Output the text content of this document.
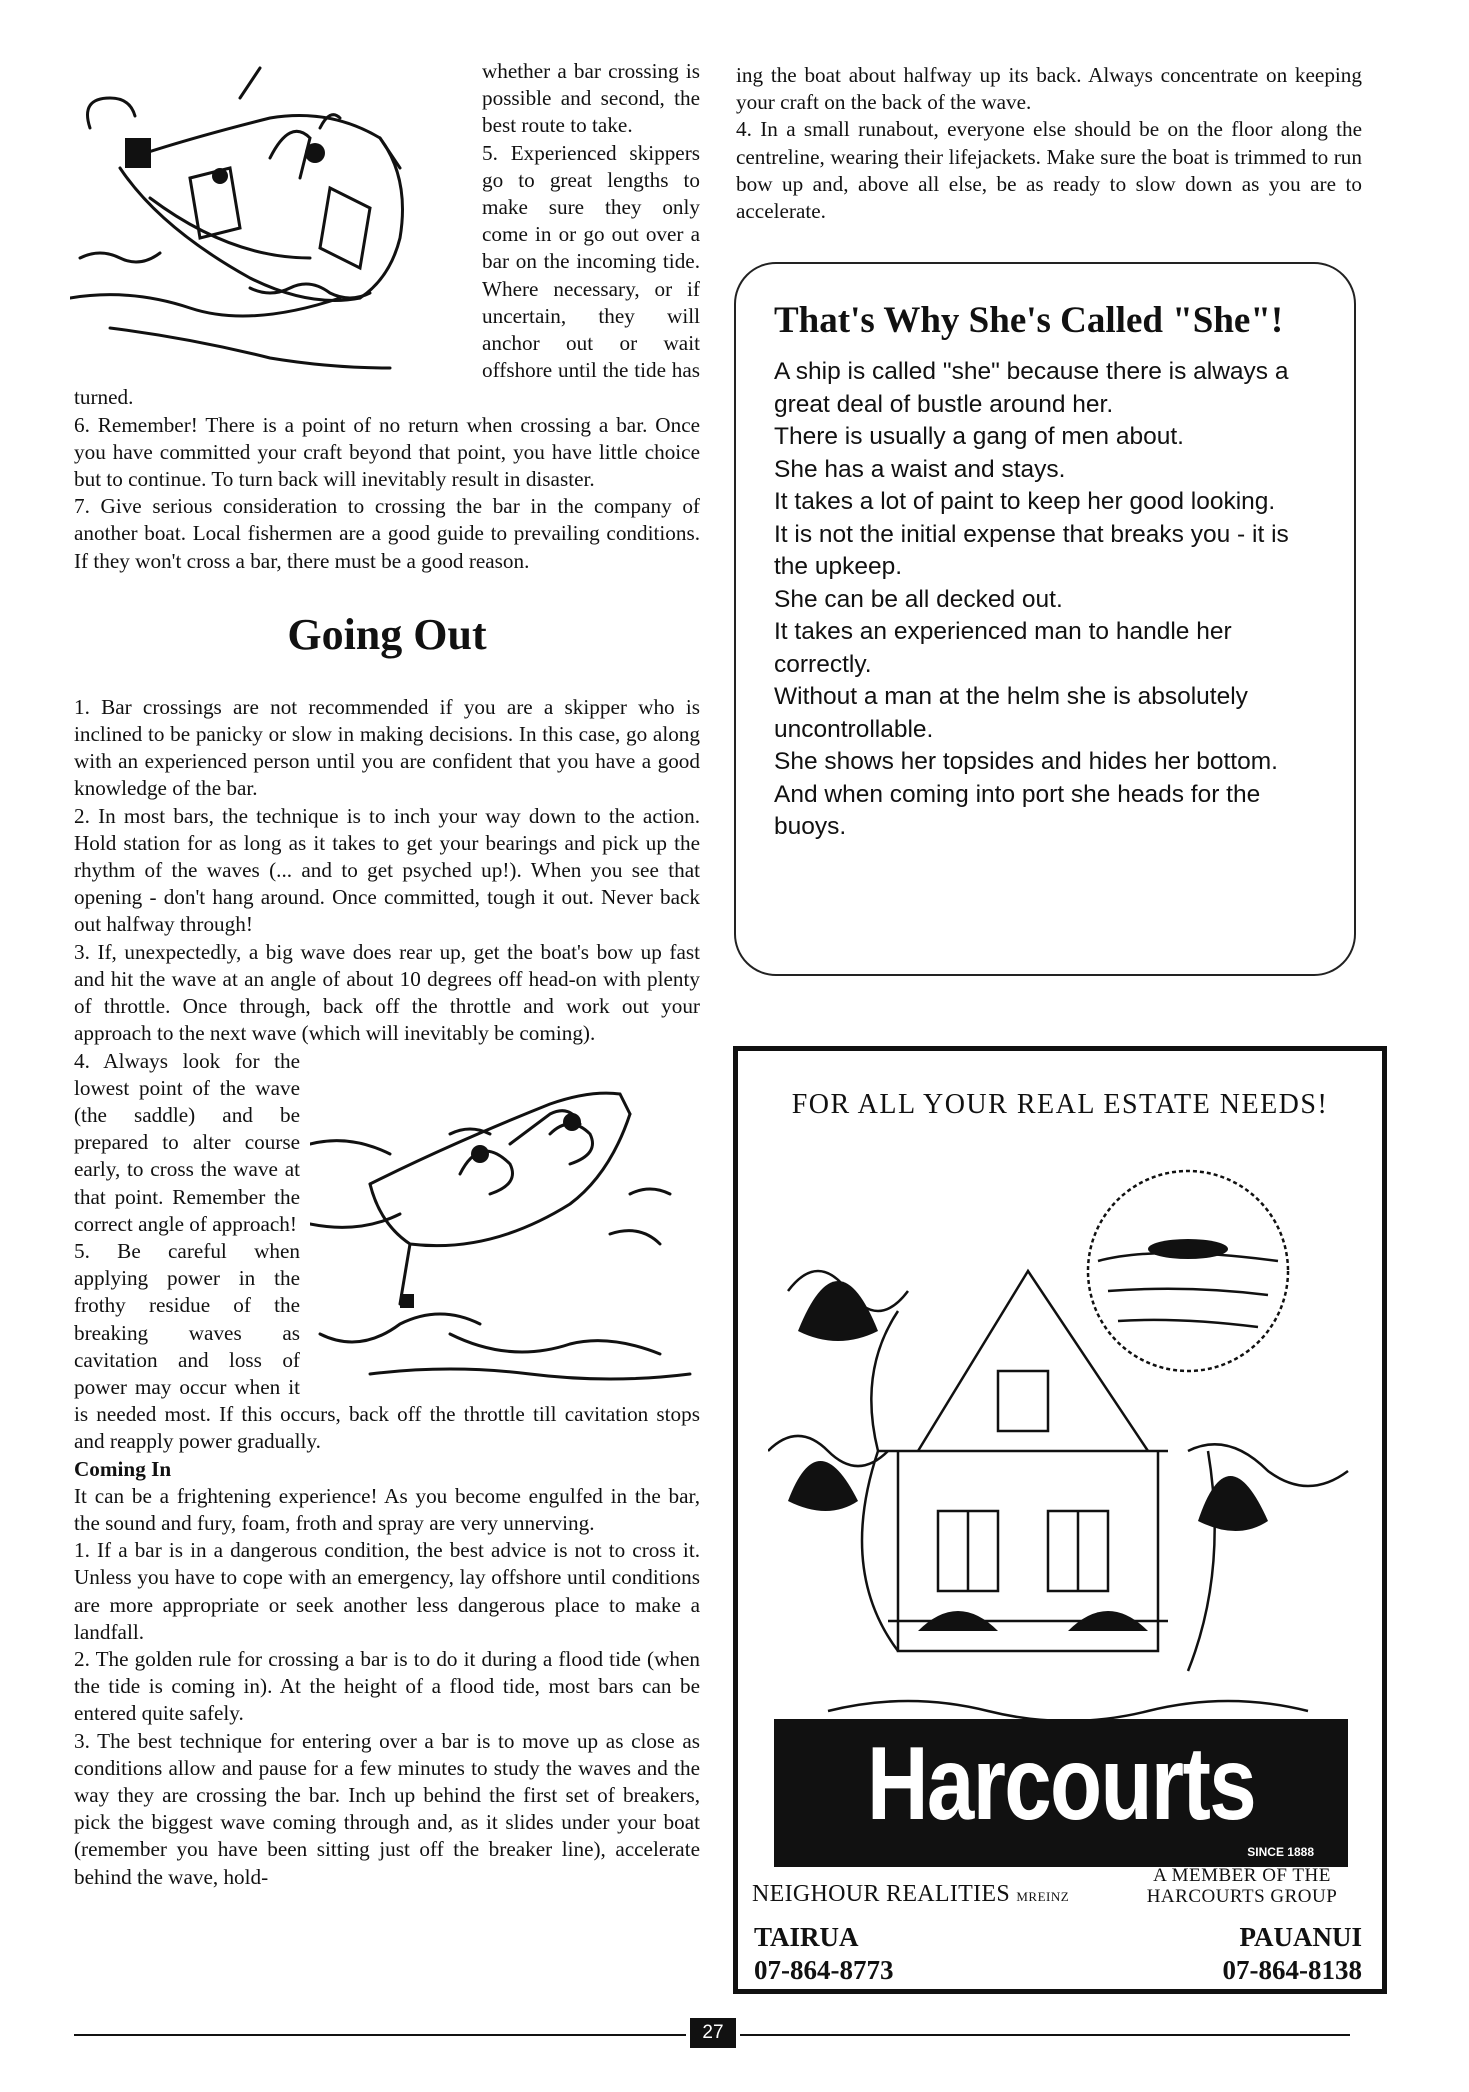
whether a bar crossing is possible and second, the best route to take.

5. Experienced skippers go to great lengths to make sure they only come in or go out over a bar on the incoming tide. Where necessary, or if uncertain, they will anchor out or wait offshore until the tide has turned.

6. Remember! There is a point of no return when crossing a bar. Once you have committed your craft beyond that point, you have little choice but to continue. To turn back will inevitably result in disaster.

7. Give serious consideration to crossing the bar in the company of another boat. Local fishermen are a good guide to prevailing conditions. If they won't cross a bar, there must be a good reason.

Going Out

1. Bar crossings are not recommended if you are a skipper who is inclined to be panicky or slow in making decisions. In this case, go along with an experienced person until you are confident that you have a good knowledge of the bar.

2. In most bars, the technique is to inch your way down to the action. Hold station for as long as it takes to get your bearings and pick up the rhythm of the waves (... and to get psyched up!). When you see that opening - don't hang around. Once committed, tough it out. Never back out halfway through!

3. If, unexpectedly, a big wave does rear up, get the boat's bow up fast and hit the wave at an angle of about 10 degrees off head-on with plenty of throttle. Once through, back off the throttle and work out your approach to the next wave (which will inevitably be coming).

4. Always look for the lowest point of the wave (the saddle) and be prepared to alter course early, to cross the wave at that point. Remember the correct angle of approach!

5. Be careful when applying power in the frothy residue of the breaking waves as cavitation and loss of power may occur when it is needed most. If this occurs, back off the throttle till cavitation stops and reapply power gradually.

Coming In

It can be a frightening experience! As you become engulfed in the bar, the sound and fury, foam, froth and spray are very unnerving.

1. If a bar is in a dangerous condition, the best advice is not to cross it. Unless you have to cope with an emergency, lay offshore until conditions are more appropriate or seek another less dangerous place to make a landfall.

2. The golden rule for crossing a bar is to do it during a flood tide (when the tide is coming in). At the height of a flood tide, most bars can be entered quite safely.

3. The best technique for entering over a bar is to move up as close as conditions allow and pause for a few minutes to study the waves and the way they are crossing the bar. Inch up behind the first set of breakers, pick the biggest wave coming through and, as it slides under your boat (remember you have been sitting just off the breaker line), accelerate behind the wave, hold-

ing the boat about halfway up its back. Always concentrate on keeping your craft on the back of the wave.

4. In a small runabout, everyone else should be on the floor along the centreline, wearing their lifejackets. Make sure the boat is trimmed to run bow up and, above all else, be as ready to slow down as you are to accelerate.

That's Why She's Called "She"!

A ship is called "she" because there is always a great deal of bustle around her.

There is usually a gang of men about.

She has a waist and stays.

It takes a lot of paint to keep her good looking.

It is not the initial expense that breaks you - it is the upkeep.

She can be all decked out.

It takes an experienced man to handle her correctly.

Without a man at the helm she is absolutely uncontrollable.

She shows her topsides and hides her bottom.

And when coming into port she heads for the buoys.

FOR ALL YOUR REAL ESTATE NEEDS!
Harcourts
SINCE 1888
A MEMBER OF THE
HARCOURTS GROUP
NEIGHOUR REALITIES MREINZ
TAIRUA
07-864-8773
PAUANUI
07-864-8138
27
